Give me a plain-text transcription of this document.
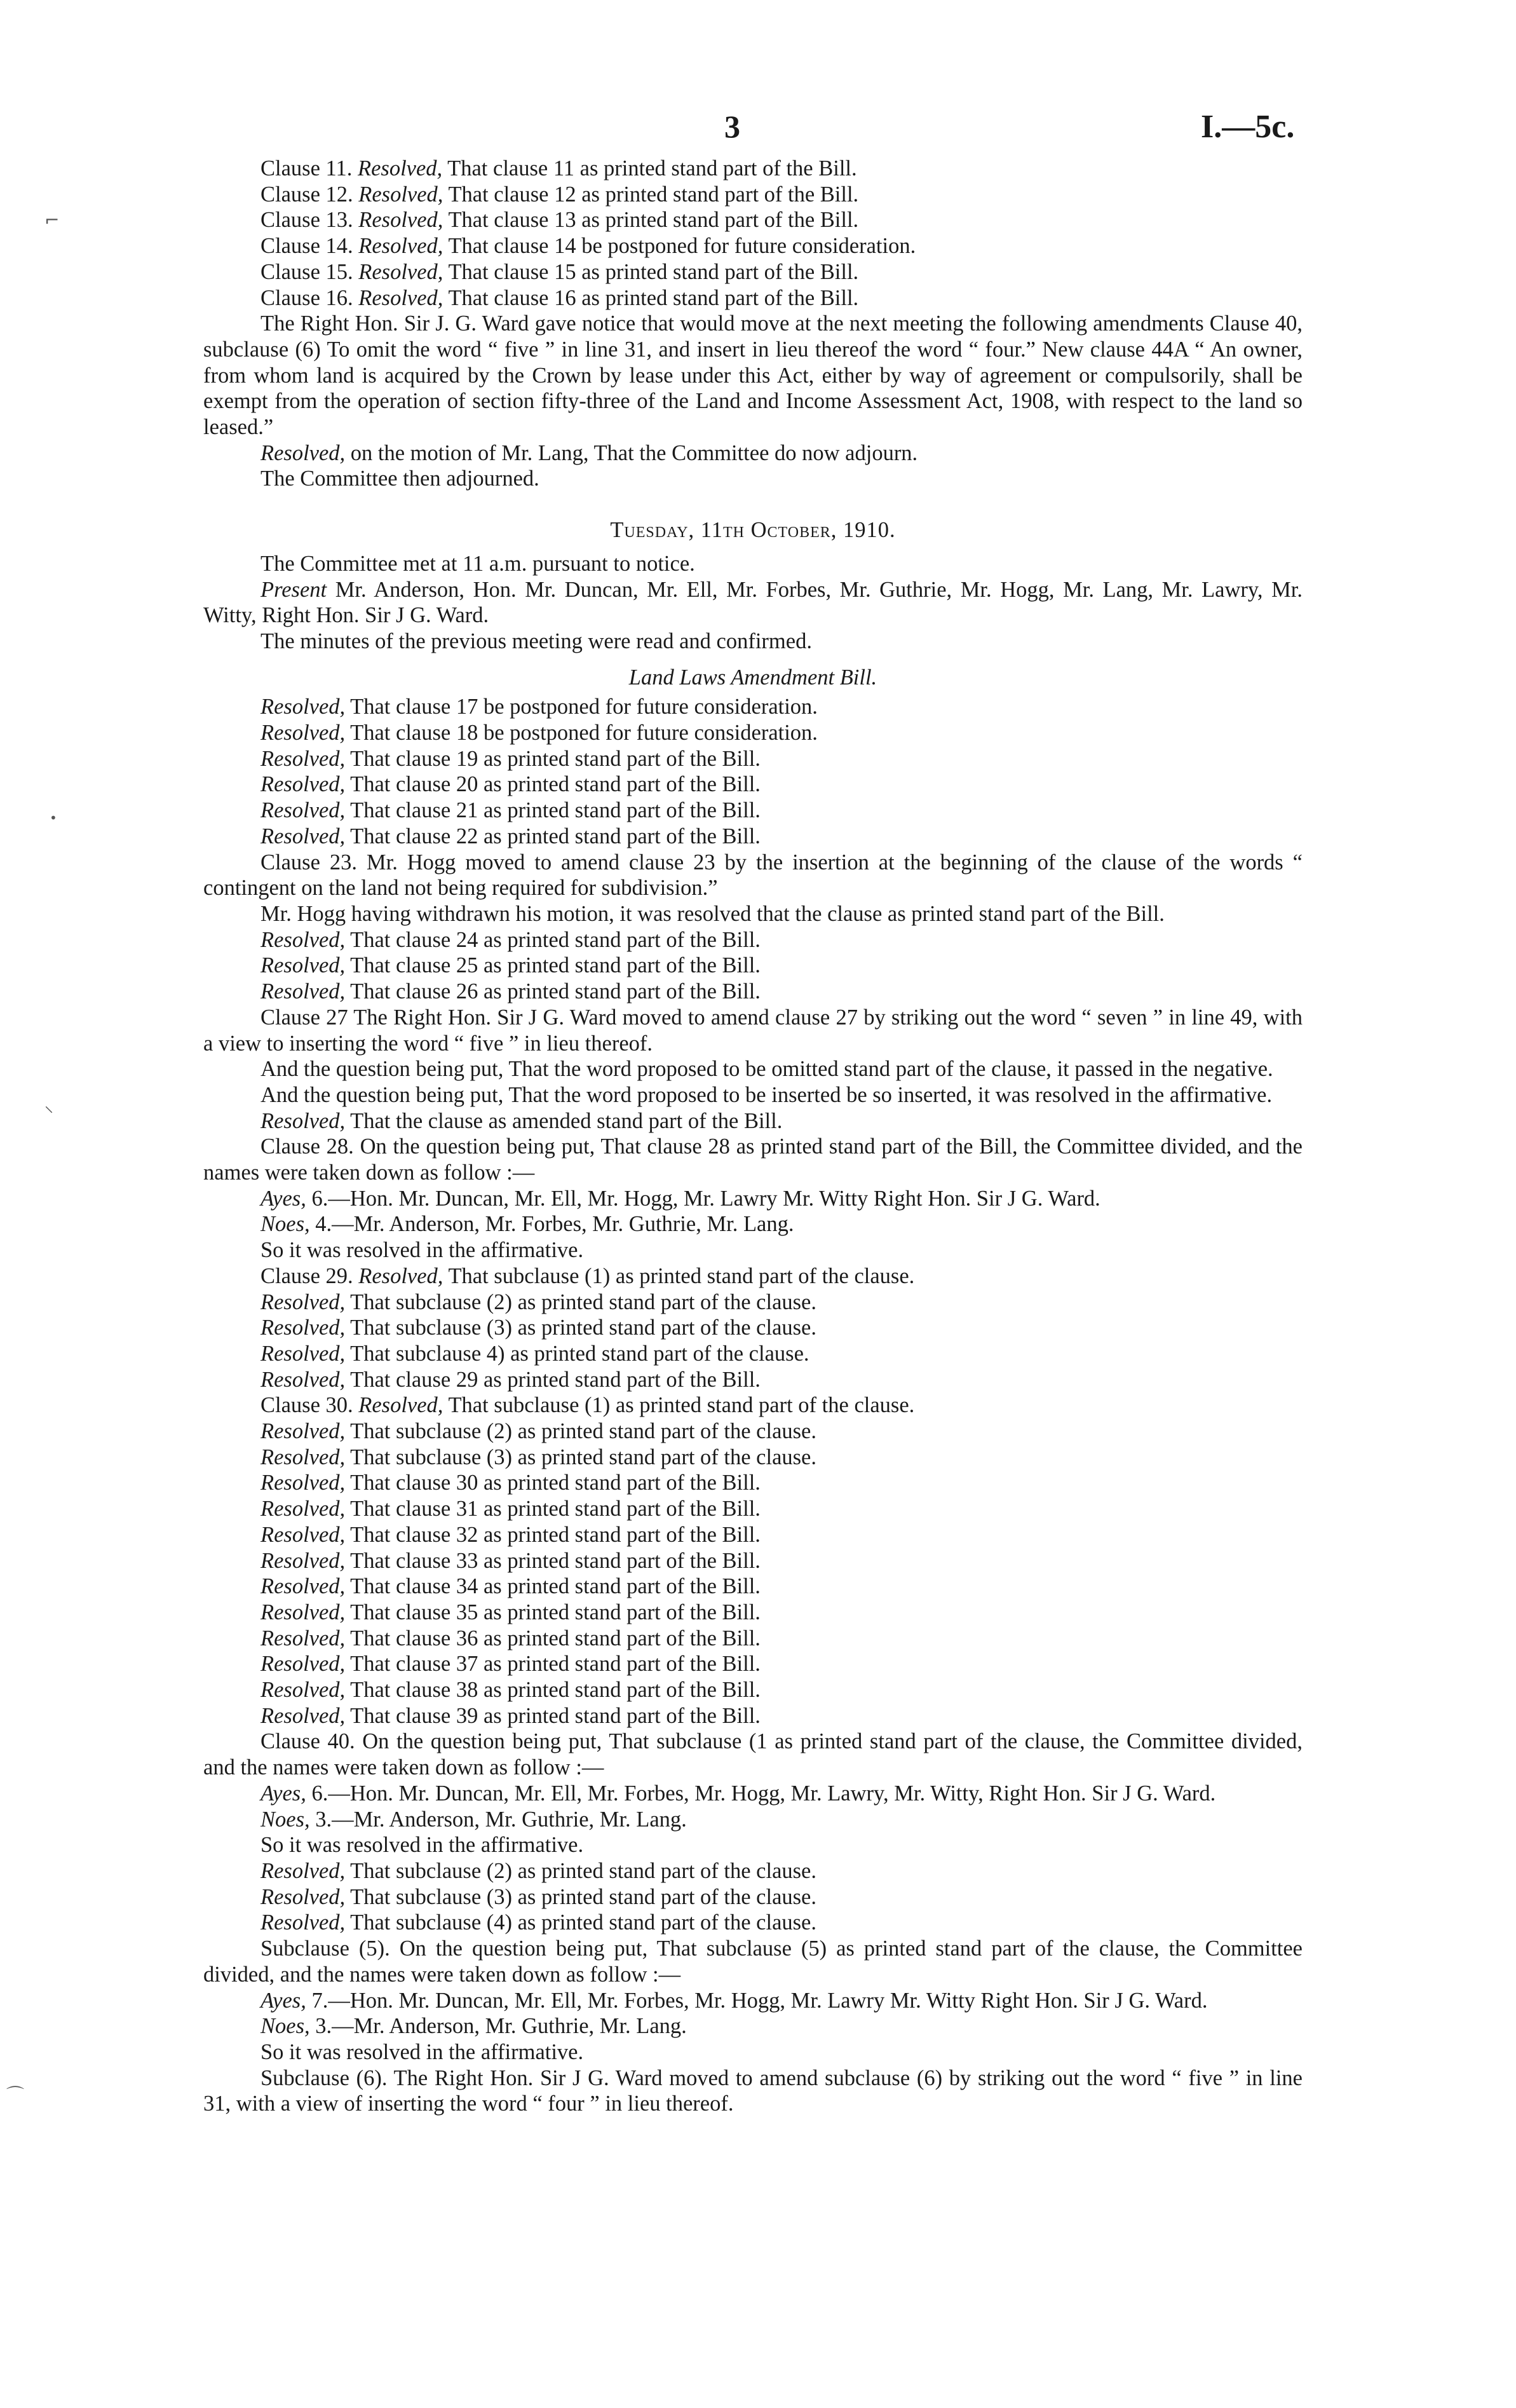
3	I.—5c.
⌐
•
⸜
⌒

Clause 11. Resolved, That clause 11 as printed stand part of the Bill.

Clause 12. Resolved, That clause 12 as printed stand part of the Bill.

Clause 13. Resolved, That clause 13 as printed stand part of the Bill.

Clause 14. Resolved, That clause 14 be postponed for future consideration.

Clause 15. Resolved, That clause 15 as printed stand part of the Bill.

Clause 16. Resolved, That clause 16 as printed stand part of the Bill.

The Right Hon. Sir J. G. Ward gave notice that would move at the next meeting the following amendments Clause 40, subclause (6) To omit the word “ five ” in line 31, and insert in lieu thereof the word “ four.” New clause 44A “ An owner, from whom land is acquired by the Crown by lease under this Act, either by way of agreement or compulsorily, shall be exempt from the operation of section fifty-three of the Land and Income Assessment Act, 1908, with respect to the land so leased.”

Resolved, on the motion of Mr. Lang, That the Committee do now adjourn.

The Committee then adjourned.

Tuesday, 11th October, 1910.

The Committee met at 11 a.m. pursuant to notice.

Present Mr. Anderson, Hon. Mr. Duncan, Mr. Ell, Mr. Forbes, Mr. Guthrie, Mr. Hogg, Mr. Lang, Mr. Lawry, Mr. Witty, Right Hon. Sir J G. Ward.

The minutes of the previous meeting were read and confirmed.

Land Laws Amendment Bill.

Resolved, That clause 17 be postponed for future consideration.

Resolved, That clause 18 be postponed for future consideration.

Resolved, That clause 19 as printed stand part of the Bill.

Resolved, That clause 20 as printed stand part of the Bill.

Resolved, That clause 21 as printed stand part of the Bill.

Resolved, That clause 22 as printed stand part of the Bill.

Clause 23. Mr. Hogg moved to amend clause 23 by the insertion at the beginning of the clause of the words “ contingent on the land not being required for subdivision.”

Mr. Hogg having withdrawn his motion, it was resolved that the clause as printed stand part of the Bill.

Resolved, That clause 24 as printed stand part of the Bill.

Resolved, That clause 25 as printed stand part of the Bill.

Resolved, That clause 26 as printed stand part of the Bill.

Clause 27 The Right Hon. Sir J G. Ward moved to amend clause 27 by striking out the word “ seven ” in line 49, with a view to inserting the word “ five ” in lieu thereof.

And the question being put, That the word proposed to be omitted stand part of the clause, it passed in the negative.

And the question being put, That the word proposed to be inserted be so inserted, it was resolved in the affirmative.

Resolved, That the clause as amended stand part of the Bill.

Clause 28. On the question being put, That clause 28 as printed stand part of the Bill, the Committee divided, and the names were taken down as follow :—

Ayes, 6.—Hon. Mr. Duncan, Mr. Ell, Mr. Hogg, Mr. Lawry Mr. Witty Right Hon. Sir J G. Ward.

Noes, 4.—Mr. Anderson, Mr. Forbes, Mr. Guthrie, Mr. Lang.

So it was resolved in the affirmative.

Clause 29. Resolved, That subclause (1) as printed stand part of the clause.

Resolved, That subclause (2) as printed stand part of the clause.

Resolved, That subclause (3) as printed stand part of the clause.

Resolved, That subclause 4) as printed stand part of the clause.

Resolved, That clause 29 as printed stand part of the Bill.

Clause 30. Resolved, That subclause (1) as printed stand part of the clause.

Resolved, That subclause (2) as printed stand part of the clause.

Resolved, That subclause (3) as printed stand part of the clause.

Resolved, That clause 30 as printed stand part of the Bill.

Resolved, That clause 31 as printed stand part of the Bill.

Resolved, That clause 32 as printed stand part of the Bill.

Resolved, That clause 33 as printed stand part of the Bill.

Resolved, That clause 34 as printed stand part of the Bill.

Resolved, That clause 35 as printed stand part of the Bill.

Resolved, That clause 36 as printed stand part of the Bill.

Resolved, That clause 37 as printed stand part of the Bill.

Resolved, That clause 38 as printed stand part of the Bill.

Resolved, That clause 39 as printed stand part of the Bill.

Clause 40. On the question being put, That subclause (1 as printed stand part of the clause, the Committee divided, and the names were taken down as follow :—

Ayes, 6.—Hon. Mr. Duncan, Mr. Ell, Mr. Forbes, Mr. Hogg, Mr. Lawry, Mr. Witty, Right Hon. Sir J G. Ward.

Noes, 3.—Mr. Anderson, Mr. Guthrie, Mr. Lang.

So it was resolved in the affirmative.

Resolved, That subclause (2) as printed stand part of the clause.

Resolved, That subclause (3) as printed stand part of the clause.

Resolved, That subclause (4) as printed stand part of the clause.

Subclause (5). On the question being put, That subclause (5) as printed stand part of the clause, the Committee divided, and the names were taken down as follow :—

Ayes, 7.—Hon. Mr. Duncan, Mr. Ell, Mr. Forbes, Mr. Hogg, Mr. Lawry Mr. Witty Right Hon. Sir J G. Ward.

Noes, 3.—Mr. Anderson, Mr. Guthrie, Mr. Lang.

So it was resolved in the affirmative.

Subclause (6). The Right Hon. Sir J G. Ward moved to amend subclause (6) by striking out the word “ five ” in line 31, with a view of inserting the word “ four ” in lieu thereof.
